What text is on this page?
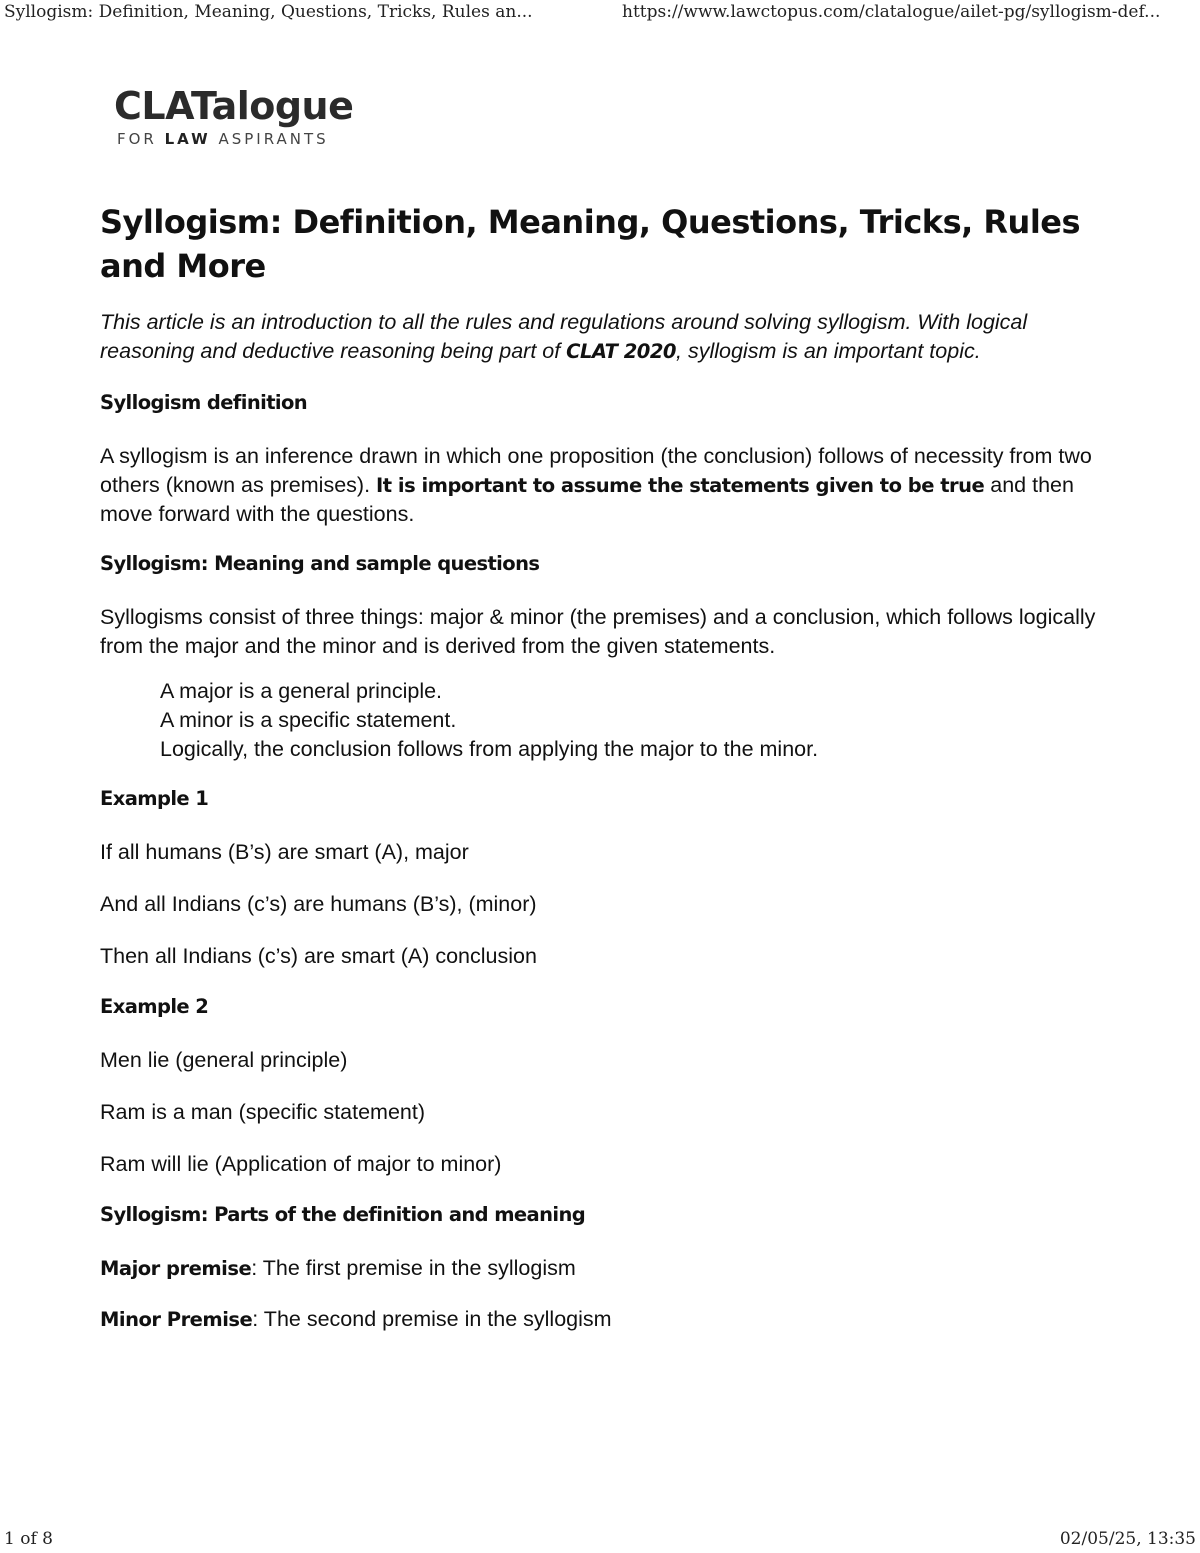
Syllogism: Definition, Meaning, Questions, Tricks, Rules an...	https://www.lawctopus.com/clatalogue/ailet-pg/syllogism-def...
CLATalogue
FOR LAW ASPIRANTS
Syllogism: Definition, Meaning, Questions, Tricks, Rules and More

This article is an introduction to all the rules and regulations around solving syllogism. With logical reasoning and deductive reasoning being part of CLAT 2020, syllogism is an important topic.

Syllogism definition

A syllogism is an inference drawn in which one proposition (the conclusion) follows of necessity from two others (known as premises). It is important to assume the statements given to be true and then move forward with the questions.

Syllogism: Meaning and sample questions

Syllogisms consist of three things: major & minor (the premises) and a conclusion, which follows logically from the major and the minor and is derived from the given statements.

A major is a general principle.
A minor is a specific statement.
Logically, the conclusion follows from applying the major to the minor.
Example 1

If all humans (B’s) are smart (A), major

And all Indians (c’s) are humans (B’s), (minor)

Then all Indians (c’s) are smart (A) conclusion

Example 2

Men lie (general principle)

Ram is a man (specific statement)

Ram will lie (Application of major to minor)

Syllogism: Parts of the definition and meaning

Major premise: The first premise in the syllogism

Minor Premise: The second premise in the syllogism

1 of 8	02/05/25, 13:35
